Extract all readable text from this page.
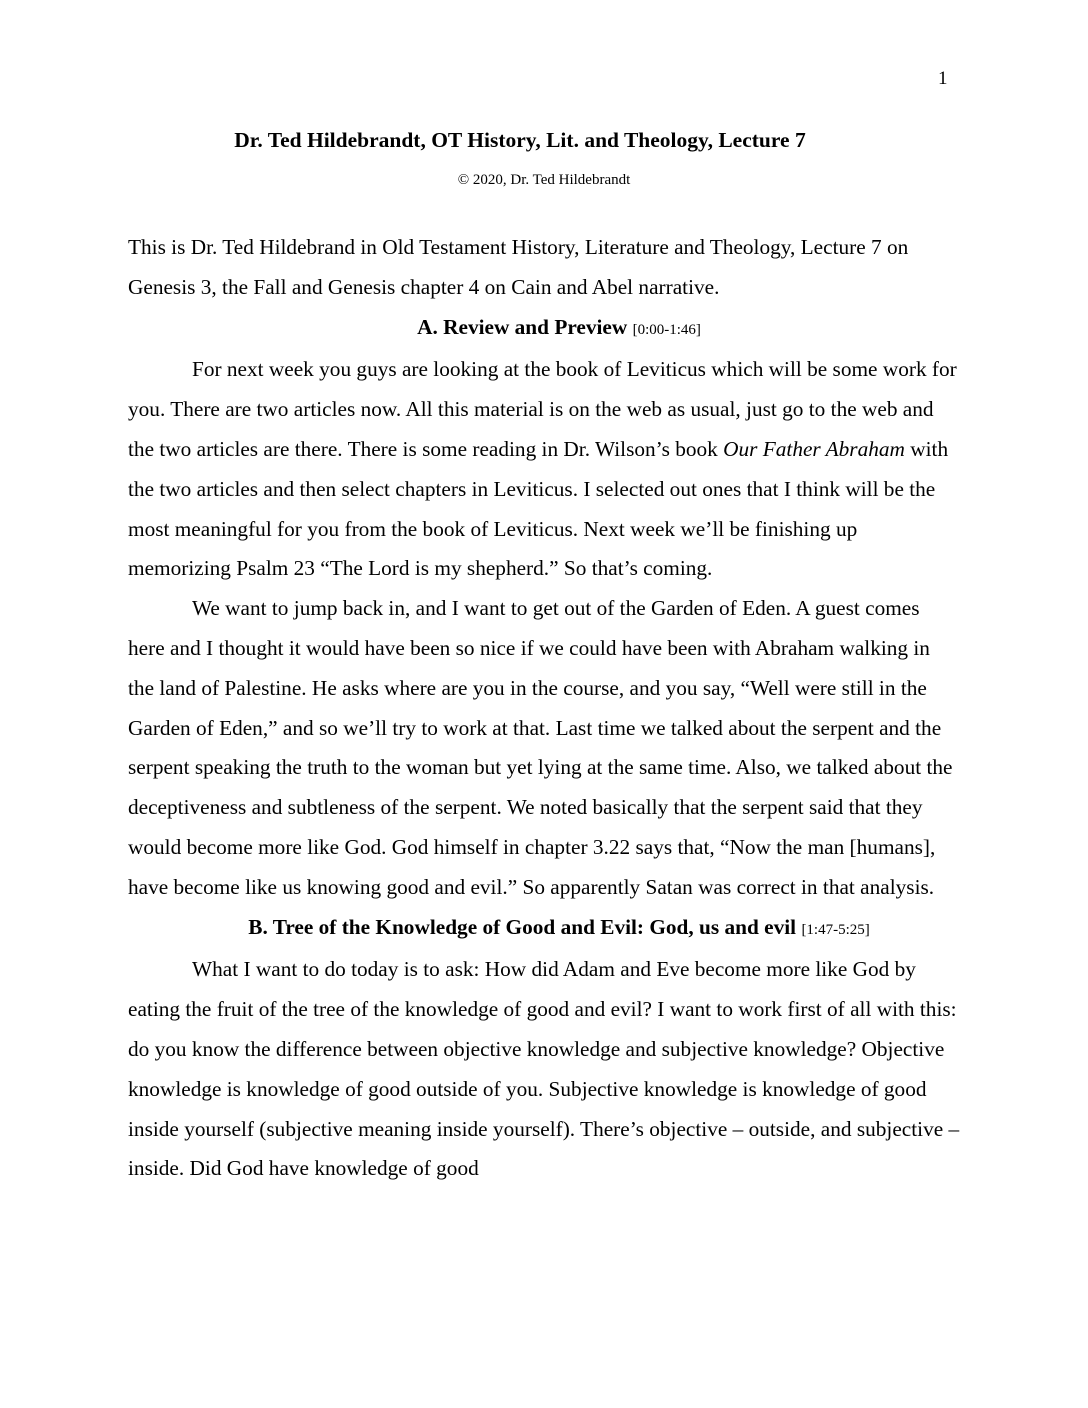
1
Dr. Ted Hildebrandt, OT History, Lit. and Theology, Lecture 7
© 2020, Dr. Ted Hildebrandt

This is Dr. Ted Hildebrand in Old Testament History, Literature and Theology, Lecture 7 on Genesis 3, the Fall and Genesis chapter 4 on Cain and Abel narrative.

A. Review and Preview [0:00-1:46]

For next week you guys are looking at the book of Leviticus which will be some work for you. There are two articles now. All this material is on the web as usual, just go to the web and the two articles are there. There is some reading in Dr. Wilson’s book Our Father Abraham with the two articles and then select chapters in Leviticus. I selected out ones that I think will be the most meaningful for you from the book of Leviticus. Next week we’ll be finishing up memorizing Psalm 23 “The Lord is my shepherd.” So that’s coming.

We want to jump back in, and I want to get out of the Garden of Eden. A guest comes here and I thought it would have been so nice if we could have been with Abraham walking in the land of Palestine. He asks where are you in the course, and you say, “Well were still in the Garden of Eden,” and so we’ll try to work at that. Last time we talked about the serpent and the serpent speaking the truth to the woman but yet lying at the same time. Also, we talked about the deceptiveness and subtleness of the serpent. We noted basically that the serpent said that they would become more like God. God himself in chapter 3.22 says that, “Now the man [humans], have become like us knowing good and evil.” So apparently Satan was correct in that analysis.

B. Tree of the Knowledge of Good and Evil: God, us and evil [1:47-5:25]

What I want to do today is to ask: How did Adam and Eve become more like God by eating the fruit of the tree of the knowledge of good and evil? I want to work first of all with this: do you know the difference between objective knowledge and subjective knowledge? Objective knowledge is knowledge of good outside of you. Subjective knowledge is knowledge of good inside yourself (subjective meaning inside yourself). There’s objective – outside, and subjective – inside. Did God have knowledge of good
